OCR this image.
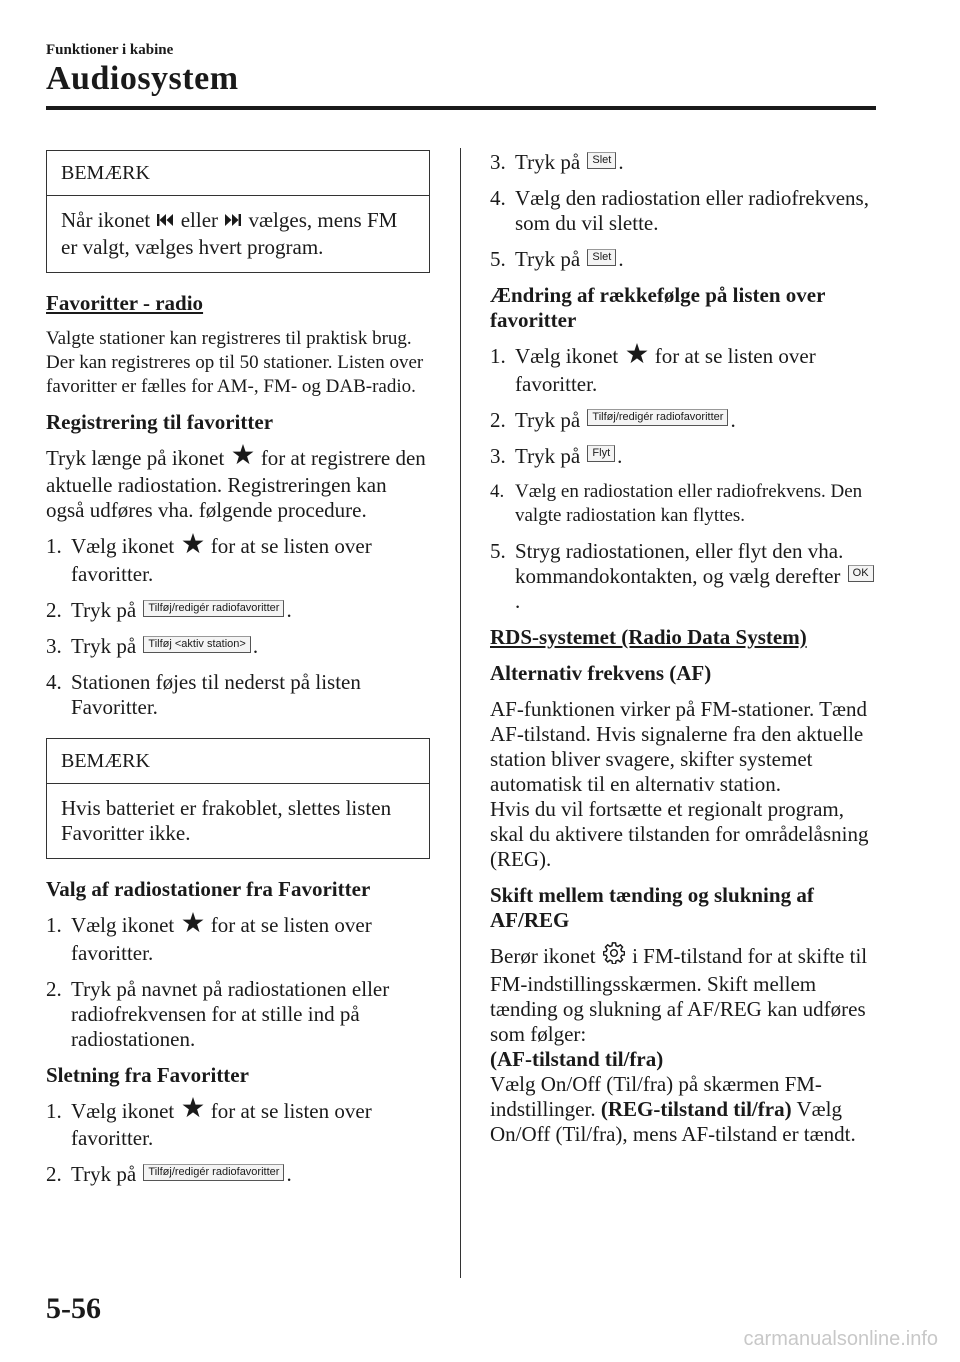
Funktioner i kabine
Audiosystem
BEMÆRK
Når ikonet eller vælges, mens FM er valgt, vælges hvert program.

Favoritter - radio

Valgte stationer kan registreres til praktisk brug. Der kan registreres op til 50 stationer. Listen over favoritter er fælles for AM-, FM- og DAB-radio.

Registrering til favoritter

Tryk længe på ikonet for at registrere den aktuelle radiostation. Registreringen kan også udføres vha. følgende procedure.

1. Vælg ikonet for at se listen over favoritter.
2. Tryk på Tilføj/redigér radiofavoritter .
3. Tryk på Tilføj <aktiv station> .
4. Stationen føjes til nederst på listen Favoritter.
BEMÆRK
Hvis batteriet er frakoblet, slettes listen Favoritter ikke.

Valg af radiostationer fra Favoritter

1. Vælg ikonet for at se listen over favoritter.
2. Tryk på navnet på radiostationen eller radiofrekvensen for at stille ind på radiostationen.

Sletning fra Favoritter

1. Vælg ikonet for at se listen over favoritter.
2. Tryk på Tilføj/redigér radiofavoritter .
3. Tryk på Slet .
4. Vælg den radiostation eller radiofrekvens, som du vil slette.
5. Tryk på Slet .

Ændring af rækkefølge på listen over favoritter

1. Vælg ikonet for at se listen over favoritter.
2. Tryk på Tilføj/redigér radiofavoritter .
3. Tryk på Flyt .
4. Vælg en radiostation eller radiofrekvens. Den valgte radiostation kan flyttes.
5. Stryg radiostationen, eller flyt den vha. kommandokontakten, og vælg derefter OK.

RDS-systemet (Radio Data System)

Alternativ frekvens (AF)

AF-funktionen virker på FM-stationer. Tænd AF-tilstand. Hvis signalerne fra den aktuelle station bliver svagere, skifter systemet automatisk til en alternativ station.

Hvis du vil fortsætte et regionalt program, skal du aktivere tilstanden for områdelåsning (REG).

Skift mellem tænding og slukning af AF/REG

Berør ikonet i FM-tilstand for at skifte til FM-indstillingsskærmen. Skift mellem tænding og slukning af AF/REG kan udføres som følger:

(AF-tilstand til/fra)

Vælg On/Off (Til/fra) på skærmen FM-indstillinger. (REG-tilstand til/fra) Vælg On/Off (Til/fra), mens AF-tilstand er tændt.

5-56
carmanualsonline.info
